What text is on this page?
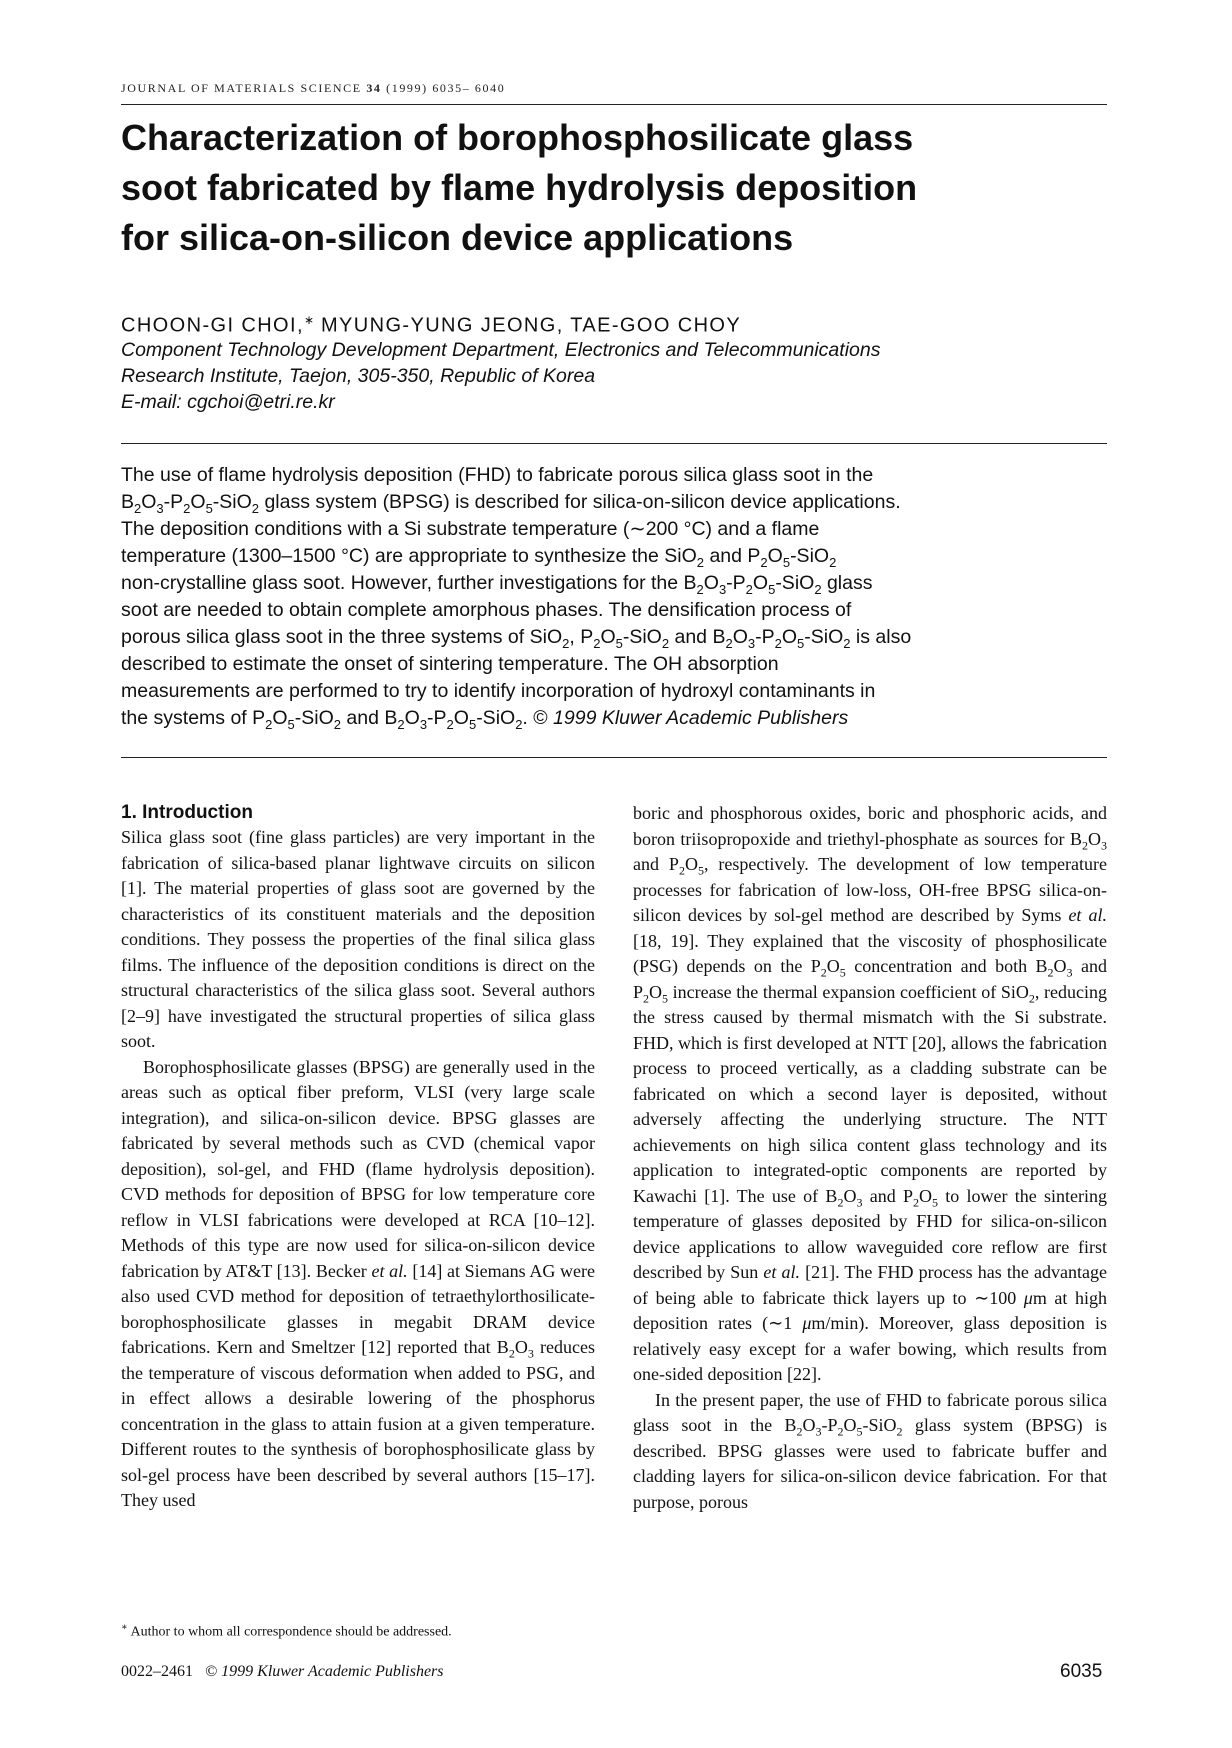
JOURNAL OF MATERIALS SCIENCE 34 (1999) 6035– 6040
Characterization of borophosphosilicate glass
soot fabricated by flame hydrolysis deposition
for silica-on-silicon device applications
CHOON-GI CHOI,∗ MYUNG-YUNG JEONG, TAE-GOO CHOY
Component Technology Development Department, Electronics and Telecommunications
Research Institute, Taejon, 305-350, Republic of Korea
E-mail: cgchoi@etri.re.kr
The use of flame hydrolysis deposition (FHD) to fabricate porous silica glass soot in the
$B_2O_3-P_2O_5-SiO_2$ glass system (BPSG) is described for silica-on-silicon device applications.
The deposition conditions with a Si substrate temperature (∼200 °C) and a flame
temperature (1300–1500 °C) are appropriate to synthesize the SiO$_2$ and $P_2O_5-SiO_2$
non-crystalline glass soot. However, further investigations for the $B_2O_3-P_2O_5-SiO_2$ glass
soot are needed to obtain complete amorphous phases. The densification process of
porous silica glass soot in the three systems of SiO$_2$, $P_2O_5-SiO_2$ and $B_2O_3-P_2O_5-SiO_2$ is also
described to estimate the onset of sintering temperature. The OH absorption
measurements are performed to try to identify incorporation of hydroxyl contaminants in
the systems of $P_2O_5-SiO_2$ and $B_2O_3-P_2O_5-SiO_2$. © 1999 Kluwer Academic Publishers

1. Introduction

Silica glass soot (fine glass particles) are very important in the fabrication of silica-based planar lightwave circuits on silicon [1]. The material properties of glass soot are governed by the characteristics of its constituent materials and the deposition conditions. They possess the properties of the final silica glass films. The influence of the deposition conditions is direct on the structural characteristics of the silica glass soot. Several authors [2–9] have investigated the structural properties of silica glass soot.

Borophosphosilicate glasses (BPSG) are generally used in the areas such as optical fiber preform, VLSI (very large scale integration), and silica-on-silicon device. BPSG glasses are fabricated by several methods such as CVD (chemical vapor deposition), sol-gel, and FHD (flame hydrolysis deposition). CVD methods for deposition of BPSG for low temperature core reflow in VLSI fabrications were developed at RCA [10–12]. Methods of this type are now used for silica-on-silicon device fabrication by AT&T [13]. Becker et al. [14] at Siemans AG were also used CVD method for deposition of tetraethylorthosilicate-borophosphosilicate glasses in megabit DRAM device fabrications. Kern and Smeltzer [12] reported that $B_2O_3$ reduces the temperature of viscous deformation when added to PSG, and in effect allows a desirable lowering of the phosphorus concentration in the glass to attain fusion at a given temperature. Different routes to the synthesis of borophosphosilicate glass by sol-gel process have been described by several authors [15–17]. They used

boric and phosphorous oxides, boric and phosphoric acids, and boron triisopropoxide and triethyl-phosphate as sources for $B_2O_3$ and $P_2O_5$, respectively. The development of low temperature processes for fabrication of low-loss, OH-free BPSG silica-on-silicon devices by sol-gel method are described by Syms et al. [18, 19]. They explained that the viscosity of phosphosilicate (PSG) depends on the $P_2O_5$ concentration and both $B_2O_3$ and $P_2O_5$ increase the thermal expansion coefficient of SiO$_2$, reducing the stress caused by thermal mismatch with the Si substrate. FHD, which is first developed at NTT [20], allows the fabrication process to proceed vertically, as a cladding substrate can be fabricated on which a second layer is deposited, without adversely affecting the underlying structure. The NTT achievements on high silica content glass technology and its application to integrated-optic components are reported by Kawachi [1]. The use of $B_2O_3$ and $P_2O_5$ to lower the sintering temperature of glasses deposited by FHD for silica-on-silicon device applications to allow waveguided core reflow are first described by Sun et al. [21]. The FHD process has the advantage of being able to fabricate thick layers up to ∼100 μm at high deposition rates (∼1 μm/min). Moreover, glass deposition is relatively easy except for a wafer bowing, which results from one-sided deposition [22].

In the present paper, the use of FHD to fabricate porous silica glass soot in the $B_2O_3-P_2O_5-SiO_2$ glass system (BPSG) is described. BPSG glasses were used to fabricate buffer and cladding layers for silica-on-silicon device fabrication. For that purpose, porous

∗ Author to whom all correspondence should be addressed.
0022–2461 © 1999 Kluwer Academic Publishers	6035
